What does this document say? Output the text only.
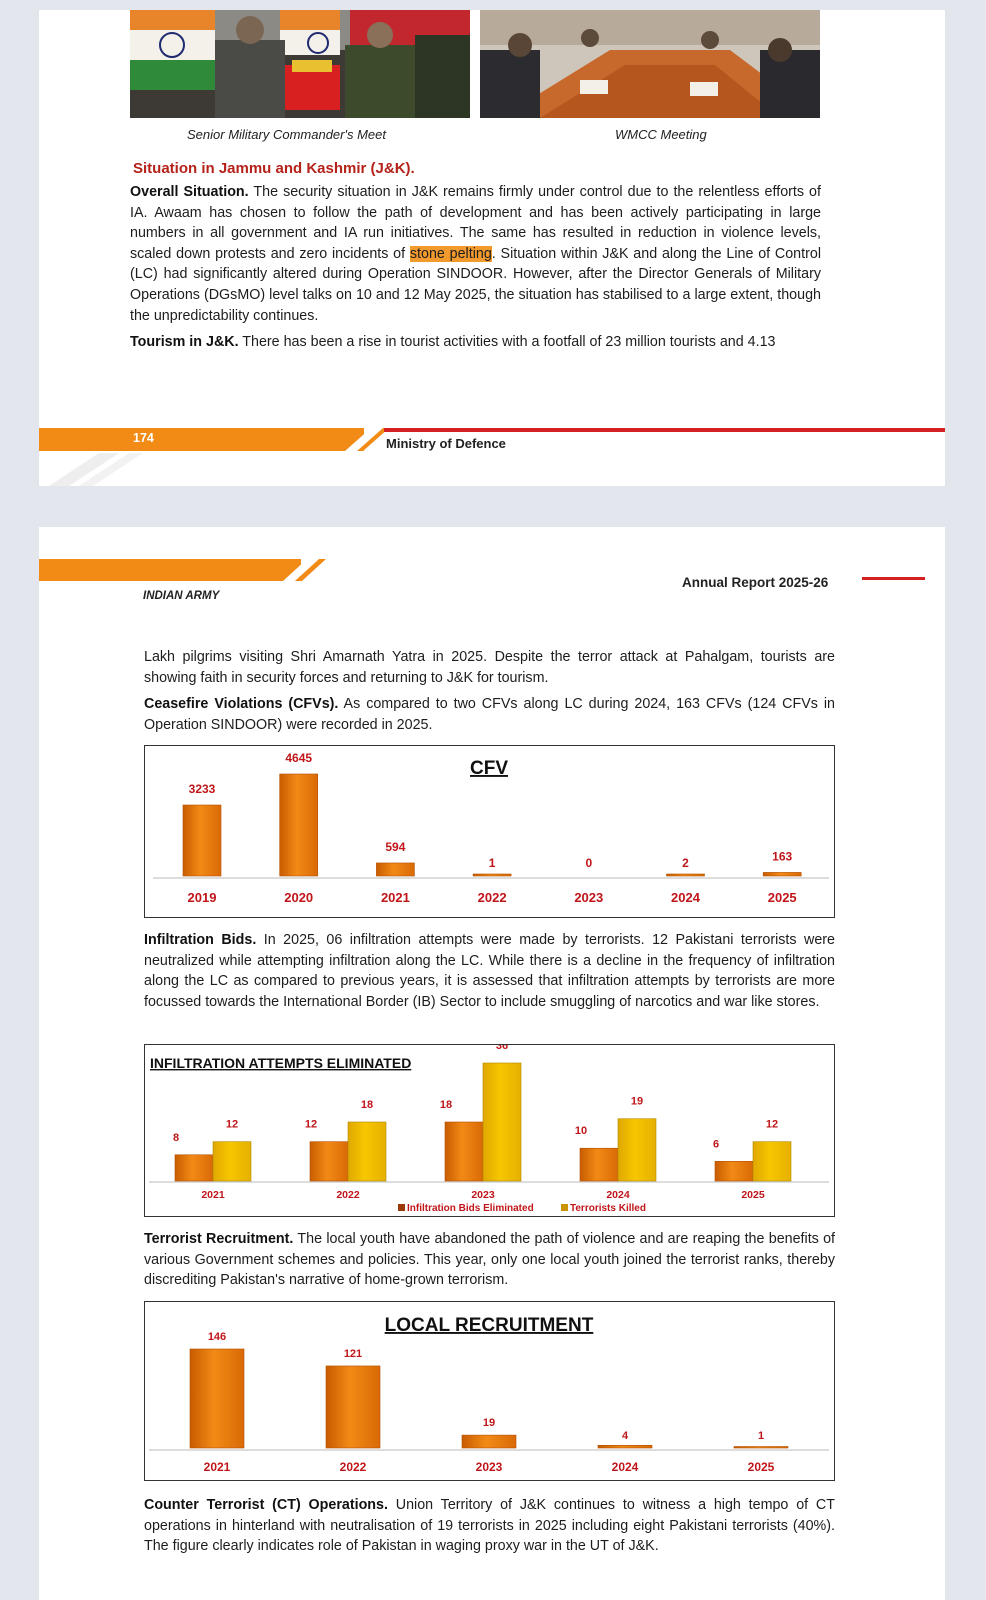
Senior Military Commander's Meet	WMCC Meeting
Situation in Jammu and Kashmir (J&K).
Overall Situation. The security situation in J&K remains firmly under control due to the relentless efforts of IA. Awaam has chosen to follow the path of development and has been actively participating in large numbers in all government and IA run initiatives. The same has resulted in reduction in violence levels, scaled down protests and zero incidents of stone pelting. Situation within J&K and along the Line of Control (LC) had significantly altered during Operation SINDOOR. However, after the Director Generals of Military Operations (DGsMO) level talks on 10 and 12 May 2025, the situation has stabilised to a large extent, though the unpredictability continues.
Tourism in J&K. There has been a rise in tourist activities with a footfall of 23 million tourists and 4.13
174	Ministry of Defence
INDIAN ARMY
Annual Report 2025-26
Lakh pilgrims visiting Shri Amarnath Yatra in 2025. Despite the terror attack at Pahalgam, tourists are showing faith in security forces and returning to J&K for tourism.
Ceasefire Violations (CFVs). As compared to two CFVs along LC during 2024, 163 CFVs (124 CFVs in Operation SINDOOR) were recorded in 2025.
CFV
3233
2019
4645
2020
594
2021
1
2022
0
2023
2
2024
163
2025
Infiltration Bids. In 2025, 06 infiltration attempts were made by terrorists. 12 Pakistani terrorists were neutralized while attempting infiltration along the LC. While there is a decline in the frequency of infiltration along the LC as compared to previous years, it is assessed that infiltration attempts by terrorists are more focussed towards the International Border (IB) Sector to include smuggling of narcotics and war like stores.
INFILTRATION ATTEMPTS ELIMINATED
8
12
2021
12
18
2022
18
36
2023
10
19
2024
6
12
2025
Infiltration Bids Eliminated	Terrorists Killed
Terrorist Recruitment. The local youth have abandoned the path of violence and are reaping the benefits of various Government schemes and policies. This year, only one local youth joined the terrorist ranks, thereby discrediting Pakistan's narrative of home-grown terrorism.
LOCAL RECRUITMENT
146
2021
121
2022
19
2023
4
2024
1
2025
Counter Terrorist (CT) Operations. Union Territory of J&K continues to witness a high tempo of CT operations in hinterland with neutralisation of 19 terrorists in 2025 including eight Pakistani terrorists (40%). The figure clearly indicates role of Pakistan in waging proxy war in the UT of J&K.
